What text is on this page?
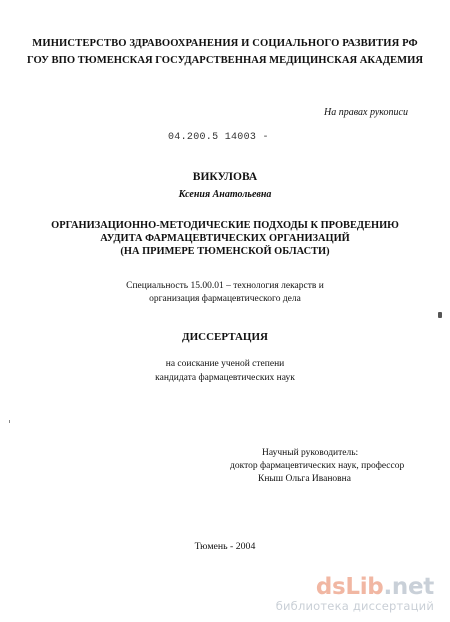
МИНИСТЕРСТВО ЗДРАВООХРАНЕНИЯ И СОЦИАЛЬНОГО РАЗВИТИЯ РФ
ГОУ ВПО ТЮМЕНСКАЯ ГОСУДАРСТВЕННАЯ МЕДИЦИНСКАЯ АКАДЕМИЯ
На правах рукописи
04.200.5 14003 -
ВИКУЛОВА
Ксения Анатольевна
ОРГАНИЗАЦИОННО-МЕТОДИЧЕСКИЕ ПОДХОДЫ К ПРОВЕДЕНИЮ
АУДИТА ФАРМАЦЕВТИЧЕСКИХ ОРГАНИЗАЦИЙ
(НА ПРИМЕРЕ ТЮМЕНСКОЙ ОБЛАСТИ)
Специальность 15.00.01 – технология лекарств и
организация фармацевтического дела
ДИССЕРТАЦИЯ
на соискание ученой степени
кандидата фармацевтических наук
Научный руководитель:
доктор фармацевтических наук, профессор
Кныш Ольга Ивановна
Тюмень - 2004
dsLib.net
библиотека диссертаций
